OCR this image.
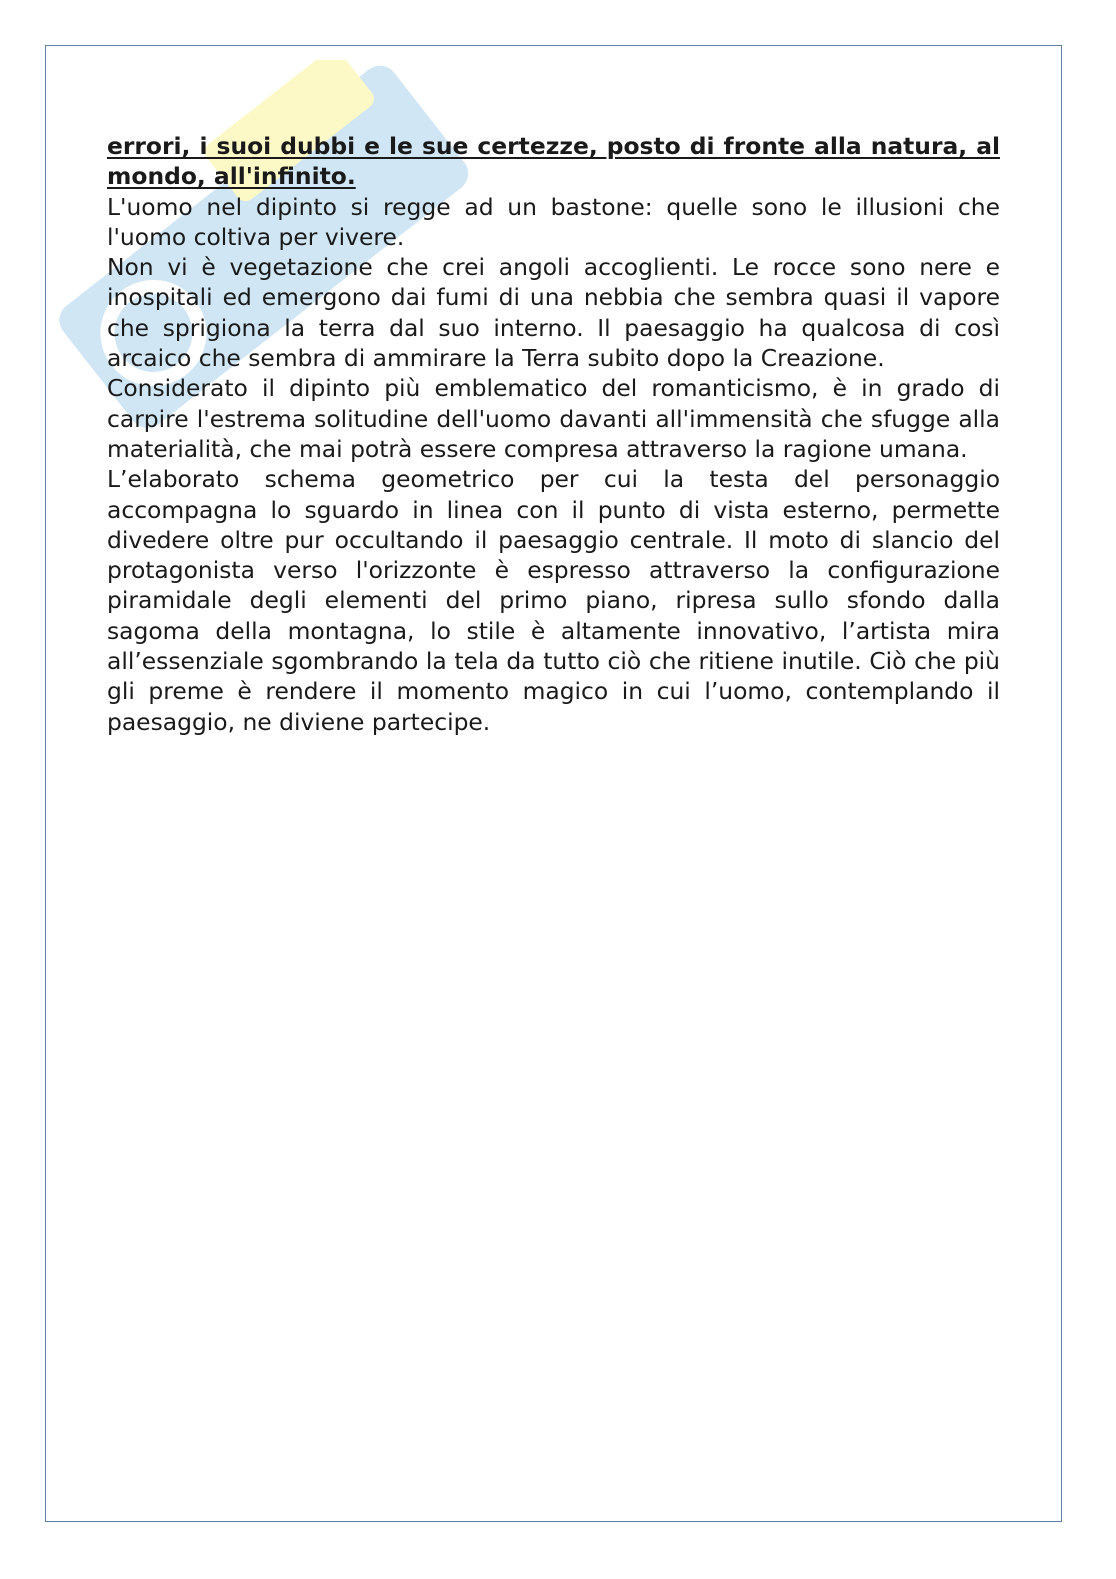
errori, i suoi dubbi e le sue certezze, posto di fronte alla natura, al mondo, all'infinito.

L'uomo nel dipinto si regge ad un bastone: quelle sono le illusioni che l'uomo coltiva per vivere.

Non vi è vegetazione che crei angoli accoglienti. Le rocce sono nere e inospitali ed emergono dai fumi di una nebbia che sembra quasi il vapore che sprigiona la terra dal suo interno. Il paesaggio ha qualcosa di così arcaico che sembra di ammirare la Terra subito dopo la Creazione.

Considerato il dipinto più emblematico del romanticismo, è in grado di carpire l'estrema solitudine dell'uomo davanti all'immensità che sfugge alla materialità, che mai potrà essere compresa attraverso la ragione umana.

L’elaborato schema geometrico per cui la testa del personaggio accompagna lo sguardo in linea con il punto di vista esterno, permette divedere oltre pur occultando il paesaggio centrale. Il moto di slancio del protagonista verso l'orizzonte è espresso attraverso la configurazione piramidale degli elementi del primo piano, ripresa sullo sfondo dalla sagoma della montagna, lo stile è altamente innovativo, l’artista mira all’essenziale sgombrando la tela da tutto ciò che ritiene inutile. Ciò che più gli preme è rendere il momento magico in cui l’uomo, contemplando il paesaggio, ne diviene partecipe.
